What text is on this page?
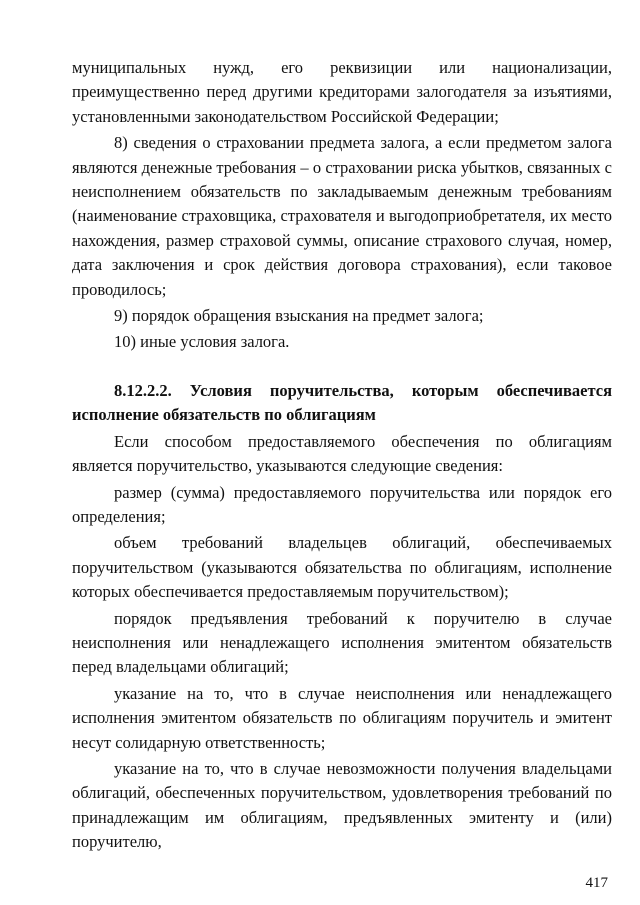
муниципальных нужд, его реквизиции или национализации, преимущественно перед другими кредиторами залогодателя за изъятиями, установленными законодательством Российской Федерации;

8) сведения о страховании предмета залога, а если предметом залога являются денежные требования – о страховании риска убытков, связанных с неисполнением обязательств по закладываемым денежным требованиям (наименование страховщика, страхователя и выгодоприобретателя, их место нахождения, размер страховой суммы, описание страхового случая, номер, дата заключения и срок действия договора страхования), если таковое проводилось;

9) порядок обращения взыскания на предмет залога;

10) иные условия залога.

8.12.2.2. Условия поручительства, которым обеспечивается исполнение обязательств по облигациям

Если способом предоставляемого обеспечения по облигациям является поручительство, указываются следующие сведения:

размер (сумма) предоставляемого поручительства или порядок его определения;

объем требований владельцев облигаций, обеспечиваемых поручительством (указываются обязательства по облигациям, исполнение которых обеспечивается предоставляемым поручительством);

порядок предъявления требований к поручителю в случае неисполнения или ненадлежащего исполнения эмитентом обязательств перед владельцами облигаций;

указание на то, что в случае неисполнения или ненадлежащего исполнения эмитентом обязательств по облигациям поручитель и эмитент несут солидарную ответственность;

указание на то, что в случае невозможности получения владельцами облигаций, обеспеченных поручительством, удовлетворения требований по принадлежащим им облигациям, предъявленных эмитенту и (или) поручителю,

417
